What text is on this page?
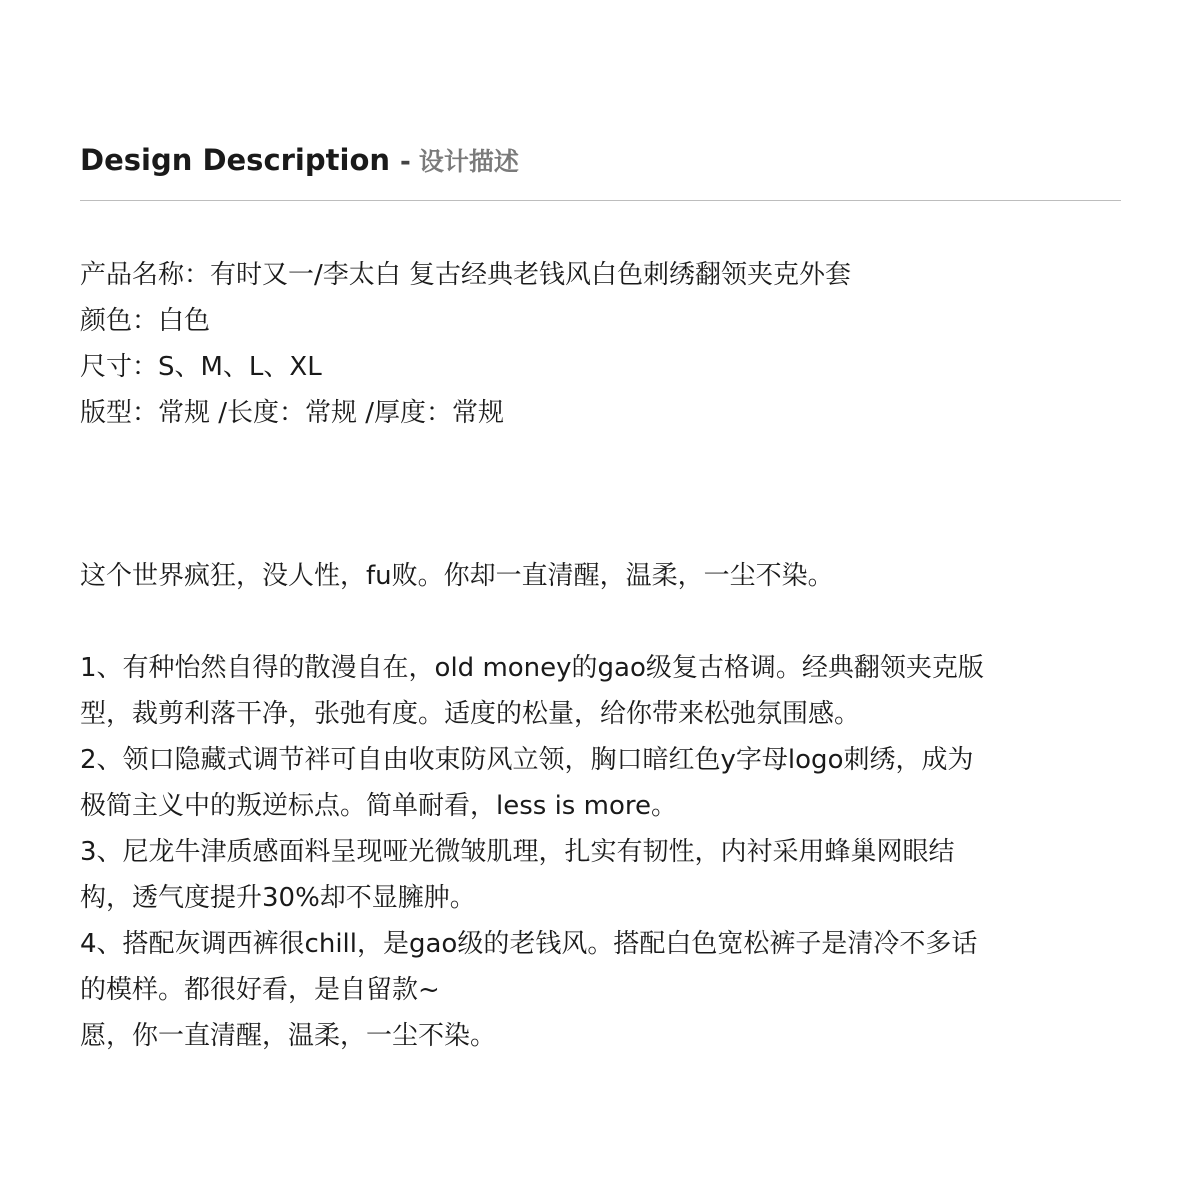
Design Description - 设计描述
产品名称：有时又一/李太白 复古经典老钱风白色刺绣翻领夹克外套
颜色：白色
尺寸：S、M、L、XL
版型：常规 /长度：常规 /厚度：常规
这个世界疯狂，没人性，fu败。你却一直清醒，温柔，一尘不染。
1、有种怡然自得的散漫自在，old money的gao级复古格调。经典翻领夹克版
型，裁剪利落干净，张弛有度。适度的松量，给你带来松弛氛围感。
2、领口隐藏式调节袢可自由收束防风立领，胸口暗红色y字母logo刺绣，成为
极简主义中的叛逆标点。简单耐看，less is more。
3、尼龙牛津质感面料呈现哑光微皱肌理，扎实有韧性，内衬采用蜂巢网眼结
构，透气度提升30%却不显臃肿。
4、搭配灰调西裤很chill，是gao级的老钱风。搭配白色宽松裤子是清冷不多话
的模样。都很好看，是自留款~
愿，你一直清醒，温柔，一尘不染。
